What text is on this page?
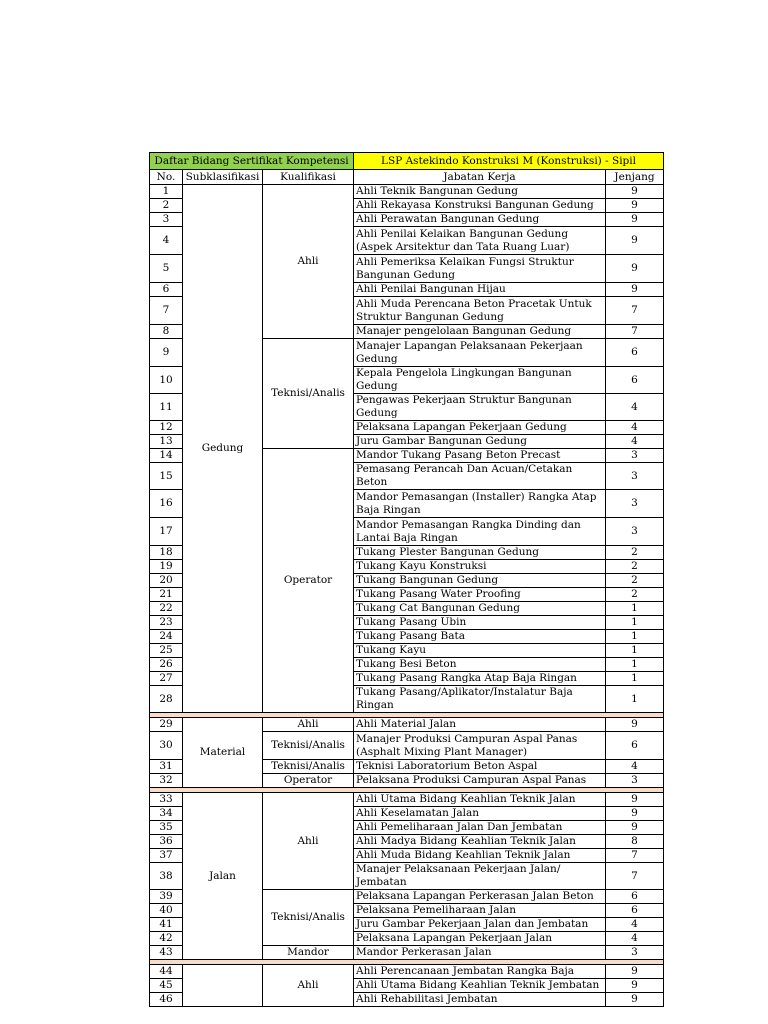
Daftar Bidang Sertifikat Kompetensi			LSP Astekindo Konstruksi M (Konstruksi) - Sipil	
No.	Subklasifikasi	Kualifikasi	Jabatan Kerja	Jenjang
1	Gedung	Ahli	Ahli Teknik Bangunan Gedung	9
2			Ahli Rekayasa Konstruksi Bangunan Gedung	9
3			Ahli Perawatan Bangunan Gedung	9
4			Ahli Penilai Kelaikan Bangunan Gedung (Aspek Arsitektur dan Tata Ruang Luar)	9
5			Ahli Pemeriksa Kelaikan Fungsi Struktur Bangunan Gedung	9
6			Ahli Penilai Bangunan Hijau	9
7			Ahli Muda Perencana Beton Pracetak Untuk Struktur Bangunan Gedung	7
8			Manajer pengelolaan Bangunan Gedung	7
9		Teknisi/Analis	Manajer Lapangan Pelaksanaan Pekerjaan Gedung	6
10			Kepala Pengelola Lingkungan Bangunan Gedung	6
11			Pengawas Pekerjaan Struktur Bangunan Gedung	4
12			Pelaksana Lapangan Pekerjaan Gedung	4
13			Juru Gambar Bangunan Gedung	4
14		Operator	Mandor Tukang Pasang Beton Precast	3
15			Pemasang Perancah Dan Acuan/Cetakan Beton	3
16			Mandor Pemasangan (Installer) Rangka Atap Baja Ringan	3
17			Mandor Pemasangan Rangka Dinding dan Lantai Baja Ringan	3
18			Tukang Plester Bangunan Gedung	2
19			Tukang Kayu Konstruksi	2
20			Tukang Bangunan Gedung	2
21			Tukang Pasang Water Proofing	2
22			Tukang Cat Bangunan Gedung	1
23			Tukang Pasang Ubin	1
24			Tukang Pasang Bata	1
25			Tukang Kayu	1
26			Tukang Besi Beton	1
27			Tukang Pasang Rangka Atap Baja Ringan	1
28			Tukang Pasang/Aplikator/Instalatur Baja Ringan	1

29	Material	Ahli	Ahli Material Jalan	9
30		Teknisi/Analis	Manajer Produksi Campuran Aspal Panas (Asphalt Mixing Plant Manager)	6
31		Teknisi/Analis	Teknisi Laboratorium Beton Aspal	4
32		Operator	Pelaksana Produksi Campuran Aspal Panas	3

33	Jalan	Ahli	Ahli Utama Bidang Keahlian Teknik Jalan	9
34			Ahli Keselamatan Jalan	9
35			Ahli Pemeliharaan Jalan Dan Jembatan	9
36			Ahli Madya Bidang Keahlian Teknik Jalan	8
37			Ahli Muda Bidang Keahlian Teknik Jalan	7
38			Manajer Pelaksanaan Pekerjaan Jalan/ Jembatan	7
39		Teknisi/Analis	Pelaksana Lapangan Perkerasan Jalan Beton	6
40			Pelaksana Pemeliharaan Jalan	6
41			Juru Gambar Pekerjaan Jalan dan Jembatan	4
42			Pelaksana Lapangan Pekerjaan Jalan	4
43		Mandor	Mandor Perkerasan Jalan	3

44		Ahli	Ahli Perencanaan Jembatan Rangka Baja	9
45			Ahli Utama Bidang Keahlian Teknik Jembatan	9
46			Ahli Rehabilitasi Jembatan	9
